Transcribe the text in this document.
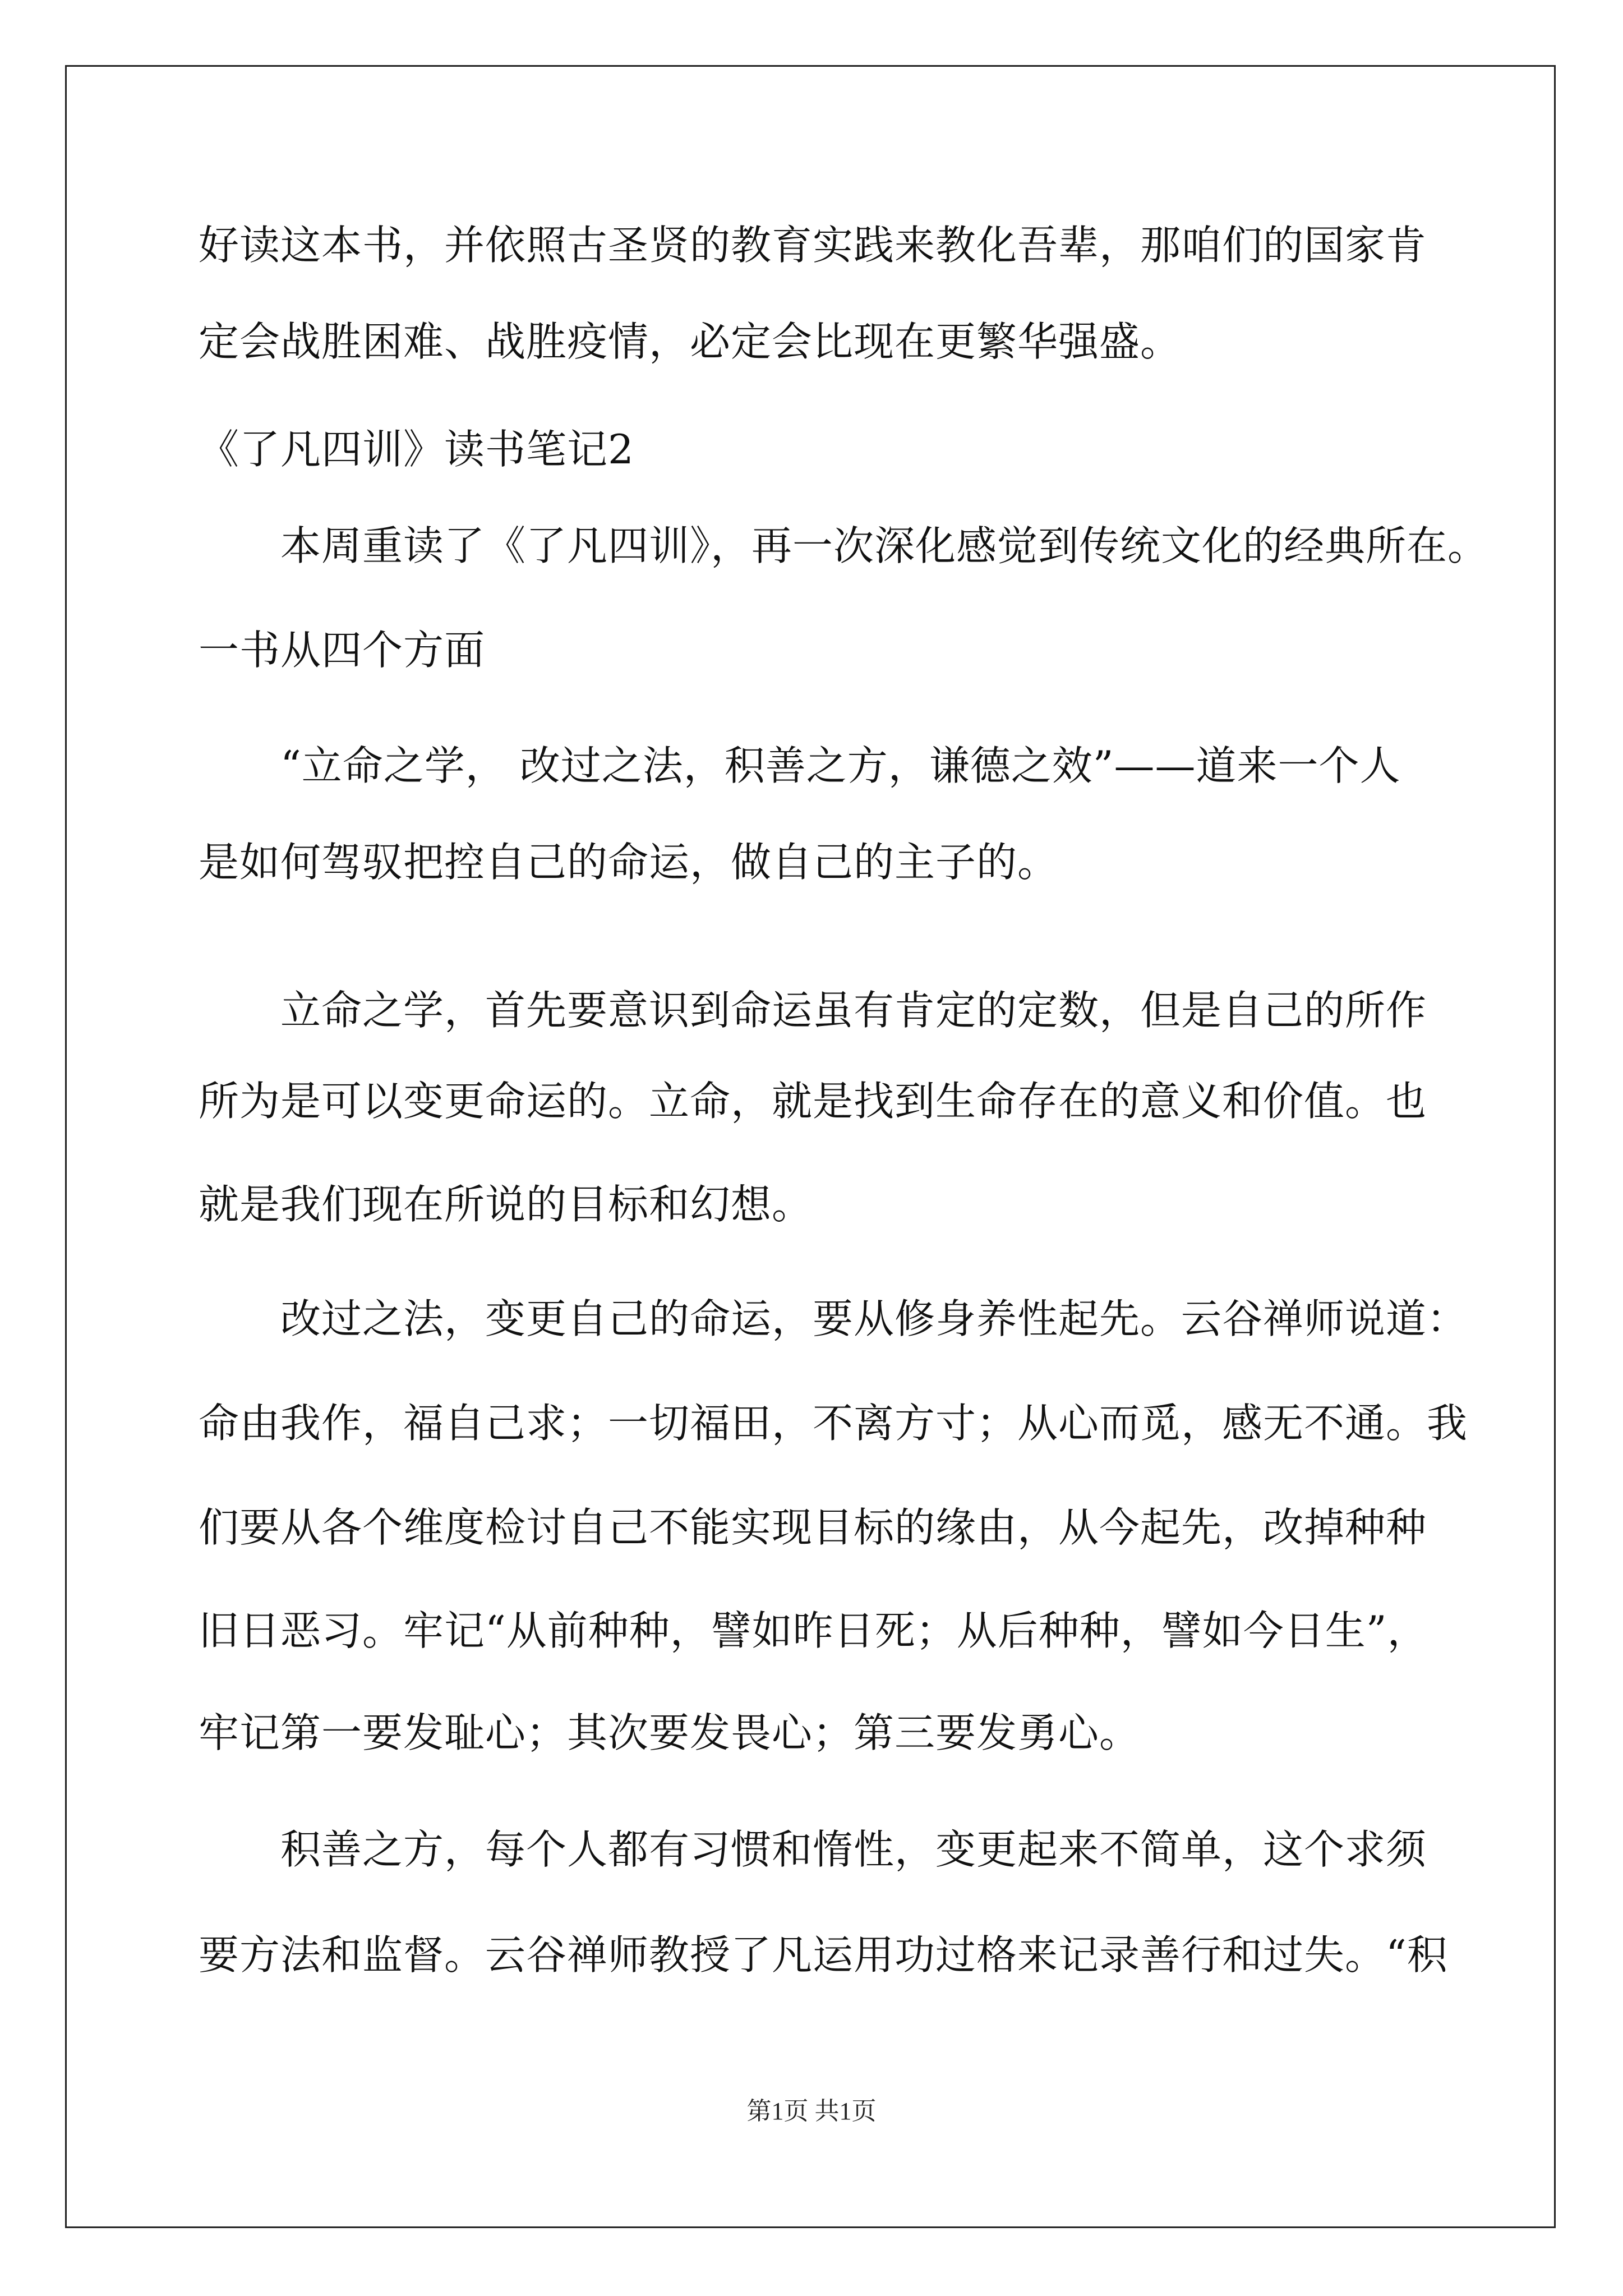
好读这本书，并依照古圣贤的教育实践来教化吾辈，那咱们的国家肯
定会战胜困难、战胜疫情，必定会比现在更繁华强盛。
《了凡四训》读书笔记2
本周重读了《了凡四训》，再一次深化感觉到传统文化的经典所在。
一书从四个方面
“立命之学， 改过之法，积善之方，谦德之效”——道来一个人
是如何驾驭把控自己的命运，做自己的主子的。
立命之学，首先要意识到命运虽有肯定的定数，但是自己的所作
所为是可以变更命运的。立命，就是找到生命存在的意义和价值。也
就是我们现在所说的目标和幻想。
改过之法，变更自己的命运，要从修身养性起先。云谷禅师说道：
命由我作，福自己求；一切福田，不离方寸；从心而觅，感无不通。我
们要从各个维度检讨自己不能实现目标的缘由，从今起先，改掉种种
旧日恶习。牢记“从前种种，譬如昨日死；从后种种，譬如今日生”，
牢记第一要发耻心；其次要发畏心；第三要发勇心。
积善之方，每个人都有习惯和惰性，变更起来不简单，这个求须
要方法和监督。云谷禅师教授了凡运用功过格来记录善行和过失。“积
第1页 共1页
